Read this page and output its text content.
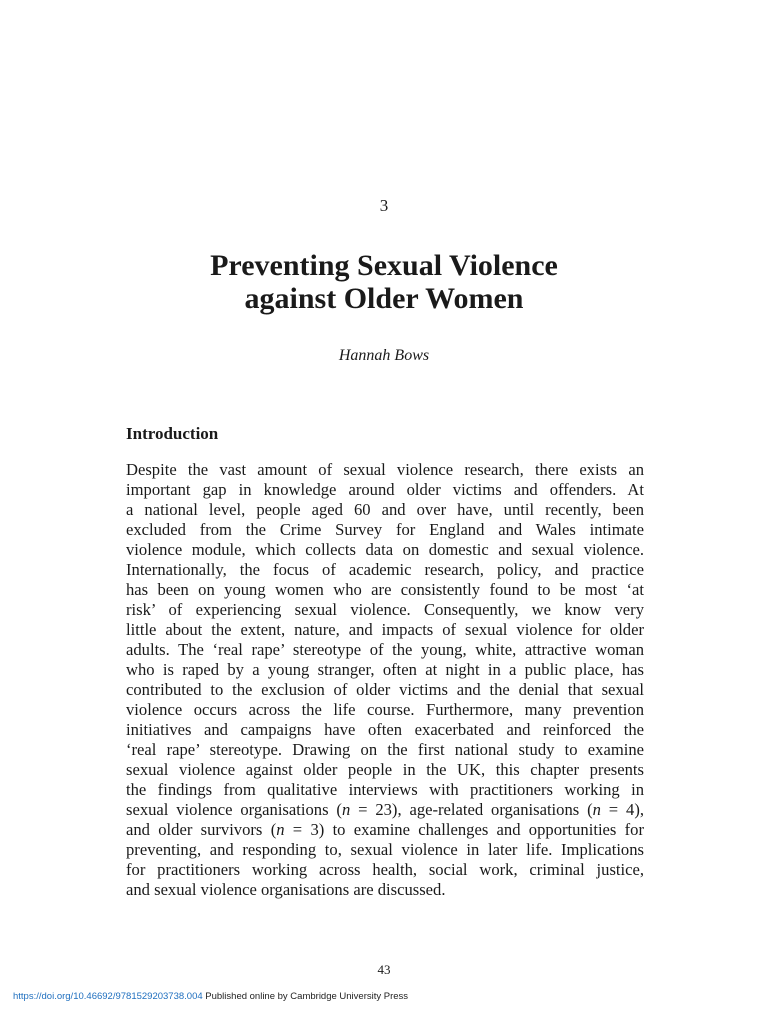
3
Preventing Sexual Violence
against Older Women
Hannah Bows
Introduction
Despite the vast amount of sexual violence research, there exists an
important gap in knowledge around older victims and offenders. At
a national level, people aged 60 and over have, until recently, been
excluded from the Crime Survey for England and Wales intimate
violence module, which collects data on domestic and sexual violence.
Internationally, the focus of academic research, policy, and practice
has been on young women who are consistently found to be most ‘at
risk’ of experiencing sexual violence. Consequently, we know very
little about the extent, nature, and impacts of sexual violence for older
adults. The ‘real rape’ stereotype of the young, white, attractive woman
who is raped by a young stranger, often at night in a public place, has
contributed to the exclusion of older victims and the denial that sexual
violence occurs across the life course. Furthermore, many prevention
initiatives and campaigns have often exacerbated and reinforced the
‘real rape’ stereotype. Drawing on the first national study to examine
sexual violence against older people in the UK, this chapter presents
the findings from qualitative interviews with practitioners working in
sexual violence organisations (n = 23), age-related organisations (n = 4),
and older survivors (n = 3) to examine challenges and opportunities for
preventing, and responding to, sexual violence in later life. Implications
for practitioners working across health, social work, criminal justice,
and sexual violence organisations are discussed.
43
https://doi.org/10.46692/9781529203738.004 Published online by Cambridge University Press
